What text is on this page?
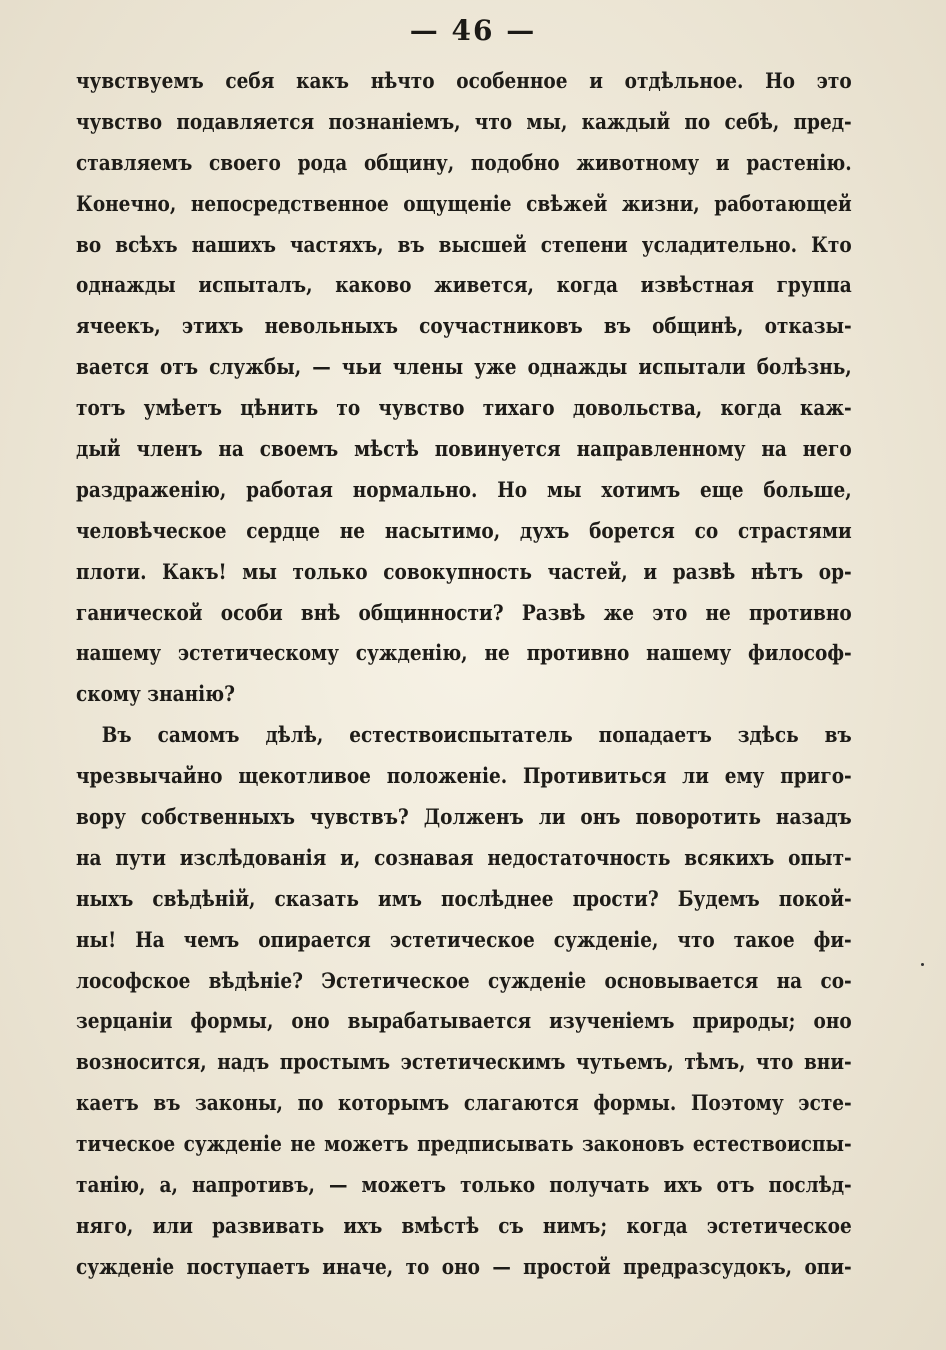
— 46 —
чувствуемъ себя какъ нѣчто особенное и отдѣльное. Но это
чувство подавляется познаніемъ, что мы, каждый по себѣ, пред-
ставляемъ своего рода общину, подобно животному и растенію.
Конечно, непосредственное ощущеніе свѣжей жизни, работающей
во всѣхъ нашихъ частяхъ, въ высшей степени усладительно. Кто
однажды испыталъ, каково живется, когда извѣстная группа
ячеекъ, этихъ невольныхъ соучастниковъ въ общинѣ, отказы-
вается отъ службы, — чьи члены уже однажды испытали болѣзнь,
тотъ умѣетъ цѣнить то чувство тихаго довольства, когда каж-
дый членъ на своемъ мѣстѣ повинуется направленному на него
раздраженію, работая нормально. Но мы хотимъ еще больше,
человѣческое сердце не насытимо, духъ борется со страстями
плоти. Какъ! мы только совокупность частей, и развѣ нѣтъ ор-
ганической особи внѣ общинности? Развѣ же это не противно
нашему эстетическому сужденію, не противно нашему философ-
скому знанію?
Въ самомъ дѣлѣ, естествоиспытатель попадаетъ здѣсь въ
чрезвычайно щекотливое положеніе. Противиться ли ему приго-
вору собственныхъ чувствъ? Долженъ ли онъ поворотить назадъ
на пути изслѣдованія и, сознавая недостаточность всякихъ опыт-
ныхъ свѣдѣній, сказать имъ послѣднее прости? Будемъ покой-
ны! На чемъ опирается эстетическое сужденіе, что такое фи-
лософское вѣдѣніе? Эстетическое сужденіе основывается на со-
зерцаніи формы, оно вырабатывается изученіемъ природы; оно
возносится, надъ простымъ эстетическимъ чутьемъ, тѣмъ, что вни-
каетъ въ законы, по которымъ слагаются формы. Поэтому эсте-
тическое сужденіе не можетъ предписывать законовъ естествоиспы-
танію, а, напротивъ, — можетъ только получать ихъ отъ послѣд-
няго, или развивать ихъ вмѣстѣ съ нимъ; когда эстетическое
сужденіе поступаетъ иначе, то оно — простой предразсудокъ, опи-
